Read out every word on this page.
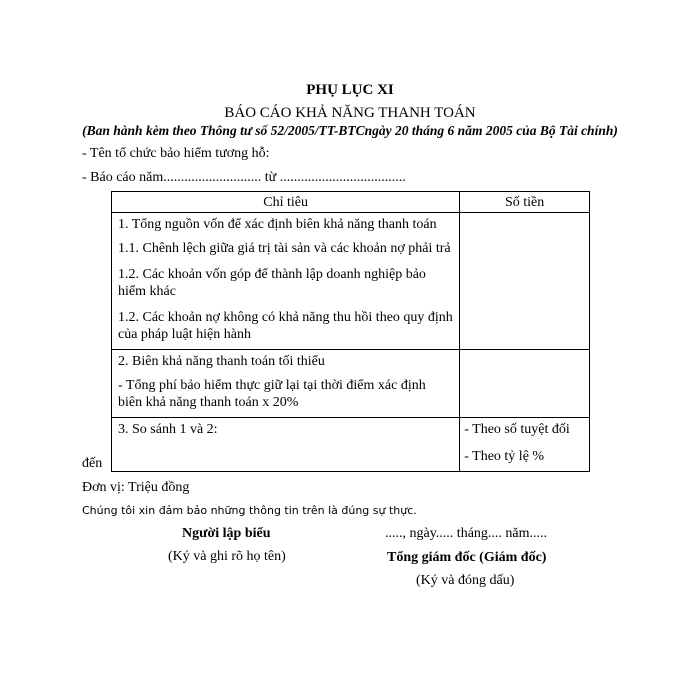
PHỤ LỤC XI
BÁO CÁO KHẢ NĂNG THANH TOÁN
(Ban hành kèm theo Thông tư số 52/2005/TT-BTCngày 20 tháng 6 năm 2005 của Bộ Tài chính)
- Tên tổ chức bảo hiểm tương hỗ:
- Báo cáo năm............................ từ ....................................
Chỉ tiêu	Số tiền

1. Tổng nguồn vốn để xác định biên khả năng thanh toán
1.1. Chênh lệch giữa giá trị tài sản và các khoản nợ phải trả
1.2. Các khoản vốn góp để thành lập doanh nghiệp bảo hiểm khác
1.2. Các khoản nợ không có khả năng thu hồi theo quy định của pháp luật hiện hành	

2. Biên khả năng thanh toán tối thiểu
- Tổng phí bảo hiểm thực giữ lại tại thời điểm xác định biên khả năng thanh toán x 20%	

3. So sánh 1 và 2:	- Theo số tuyệt đối
- Theo tỷ lệ %
đến
Đơn vị: Triệu đồng
Chúng tôi xin đảm bảo những thông tin trên là đúng sự thực.
Người lập biểu
(Ký và ghi rõ họ tên)
....., ngày..... tháng.... năm.....
Tổng giám đốc (Giám đốc)
(Ký và đóng dấu)
